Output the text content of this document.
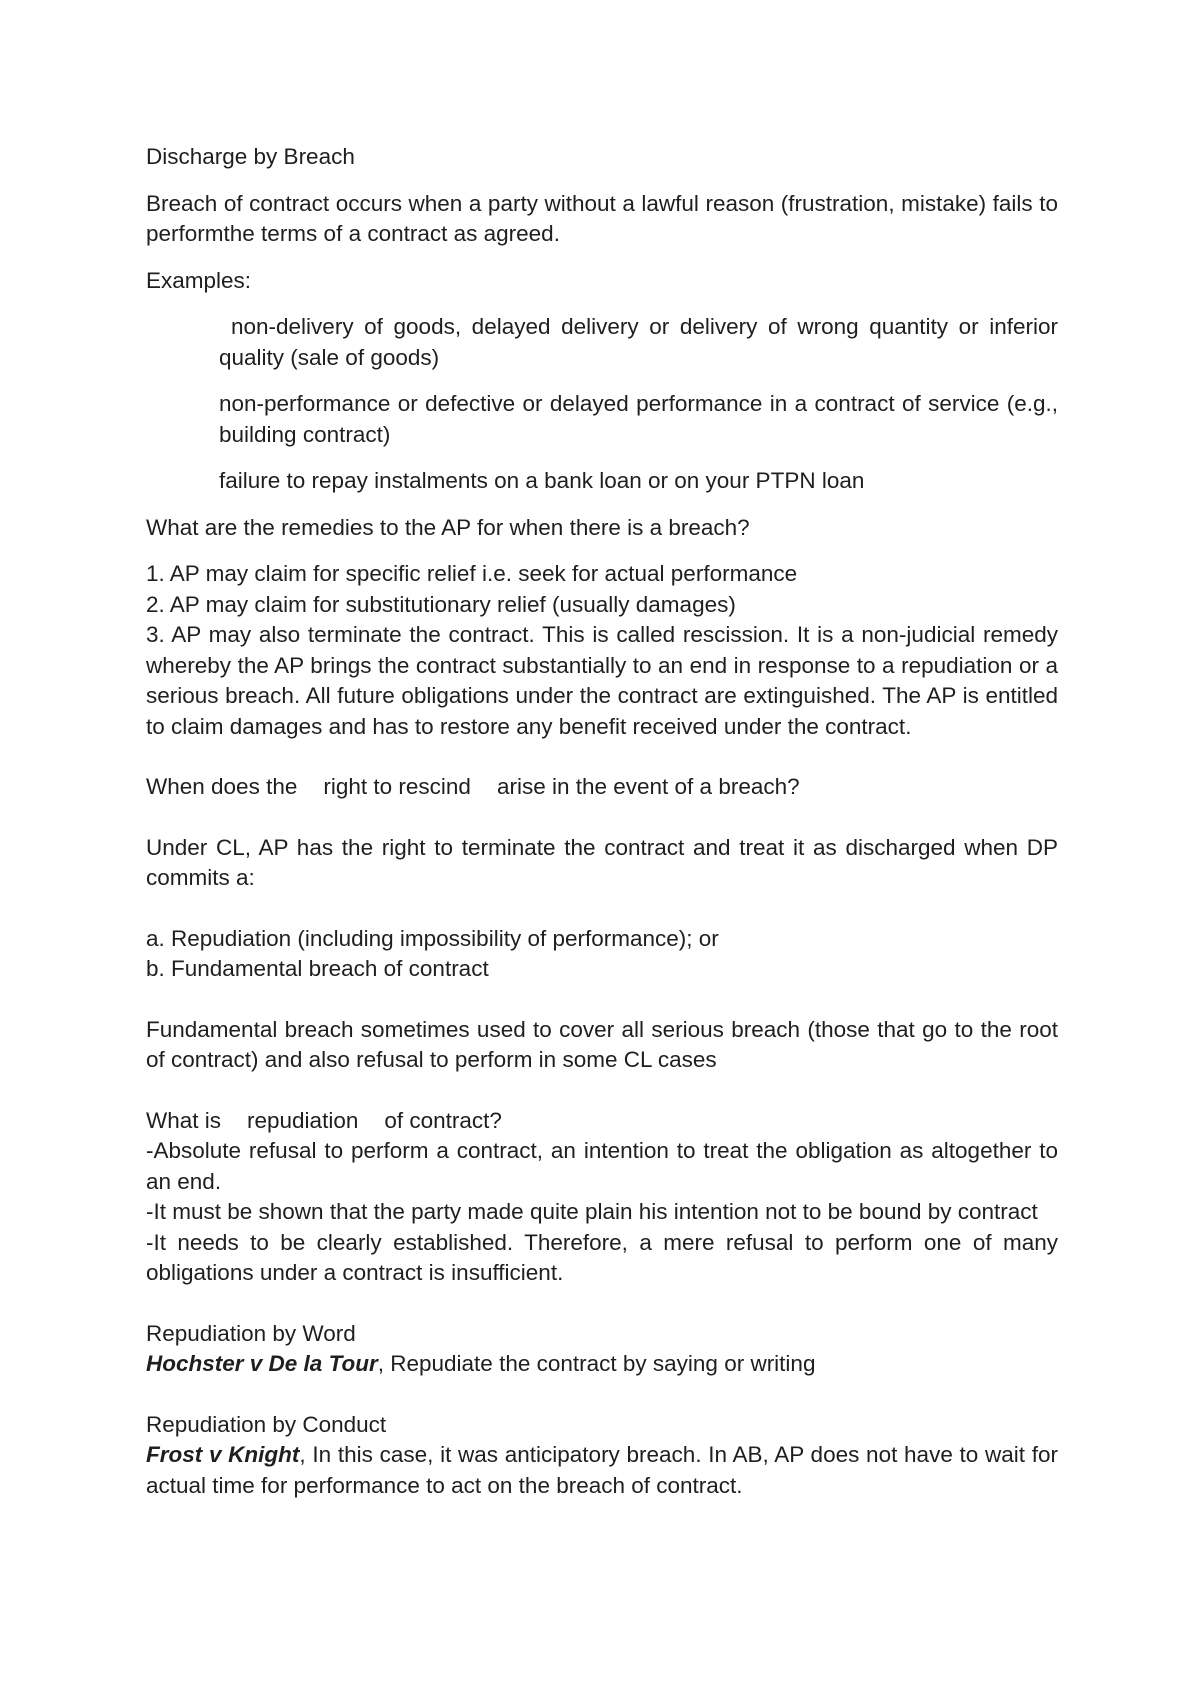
Discharge by Breach

Breach of contract occurs when a party without a lawful reason (frustration, mistake) fails to performthe terms of a contract as agreed.

Examples:

non-delivery of goods, delayed delivery or delivery of wrong quantity or inferior quality (sale of goods)

non-performance or defective or delayed performance in a contract of service (e.g., building contract)

failure to repay instalments on a bank loan or on your PTPN loan

What are the remedies to the AP for when there is a breach?

1. AP may claim for specific relief i.e. seek for actual performance

2. AP may claim for substitutionary relief (usually damages)

3. AP may also terminate the contract. This is called rescission. It is a non-judicial remedy whereby the AP brings the contract substantially to an end in response to a repudiation or a serious breach. All future obligations under the contract are extinguished. The AP is entitled to claim damages and has to restore any benefit received under the contract.

When does the right to rescind arise in the event of a breach?

Under CL, AP has the right to terminate the contract and treat it as discharged when DP commits a:

a. Repudiation (including impossibility of performance); or

b. Fundamental breach of contract

Fundamental breach sometimes used to cover all serious breach (those that go to the root of contract) and also refusal to perform in some CL cases

What is repudiation of contract?

-Absolute refusal to perform a contract, an intention to treat the obligation as altogether to an end.

-It must be shown that the party made quite plain his intention not to be bound by contract

-It needs to be clearly established. Therefore, a mere refusal to perform one of many obligations under a contract is insufficient.

Repudiation by Word

Hochster v De la Tour, Repudiate the contract by saying or writing

Repudiation by Conduct

Frost v Knight, In this case, it was anticipatory breach. In AB, AP does not have to wait for actual time for performance to act on the breach of contract.
